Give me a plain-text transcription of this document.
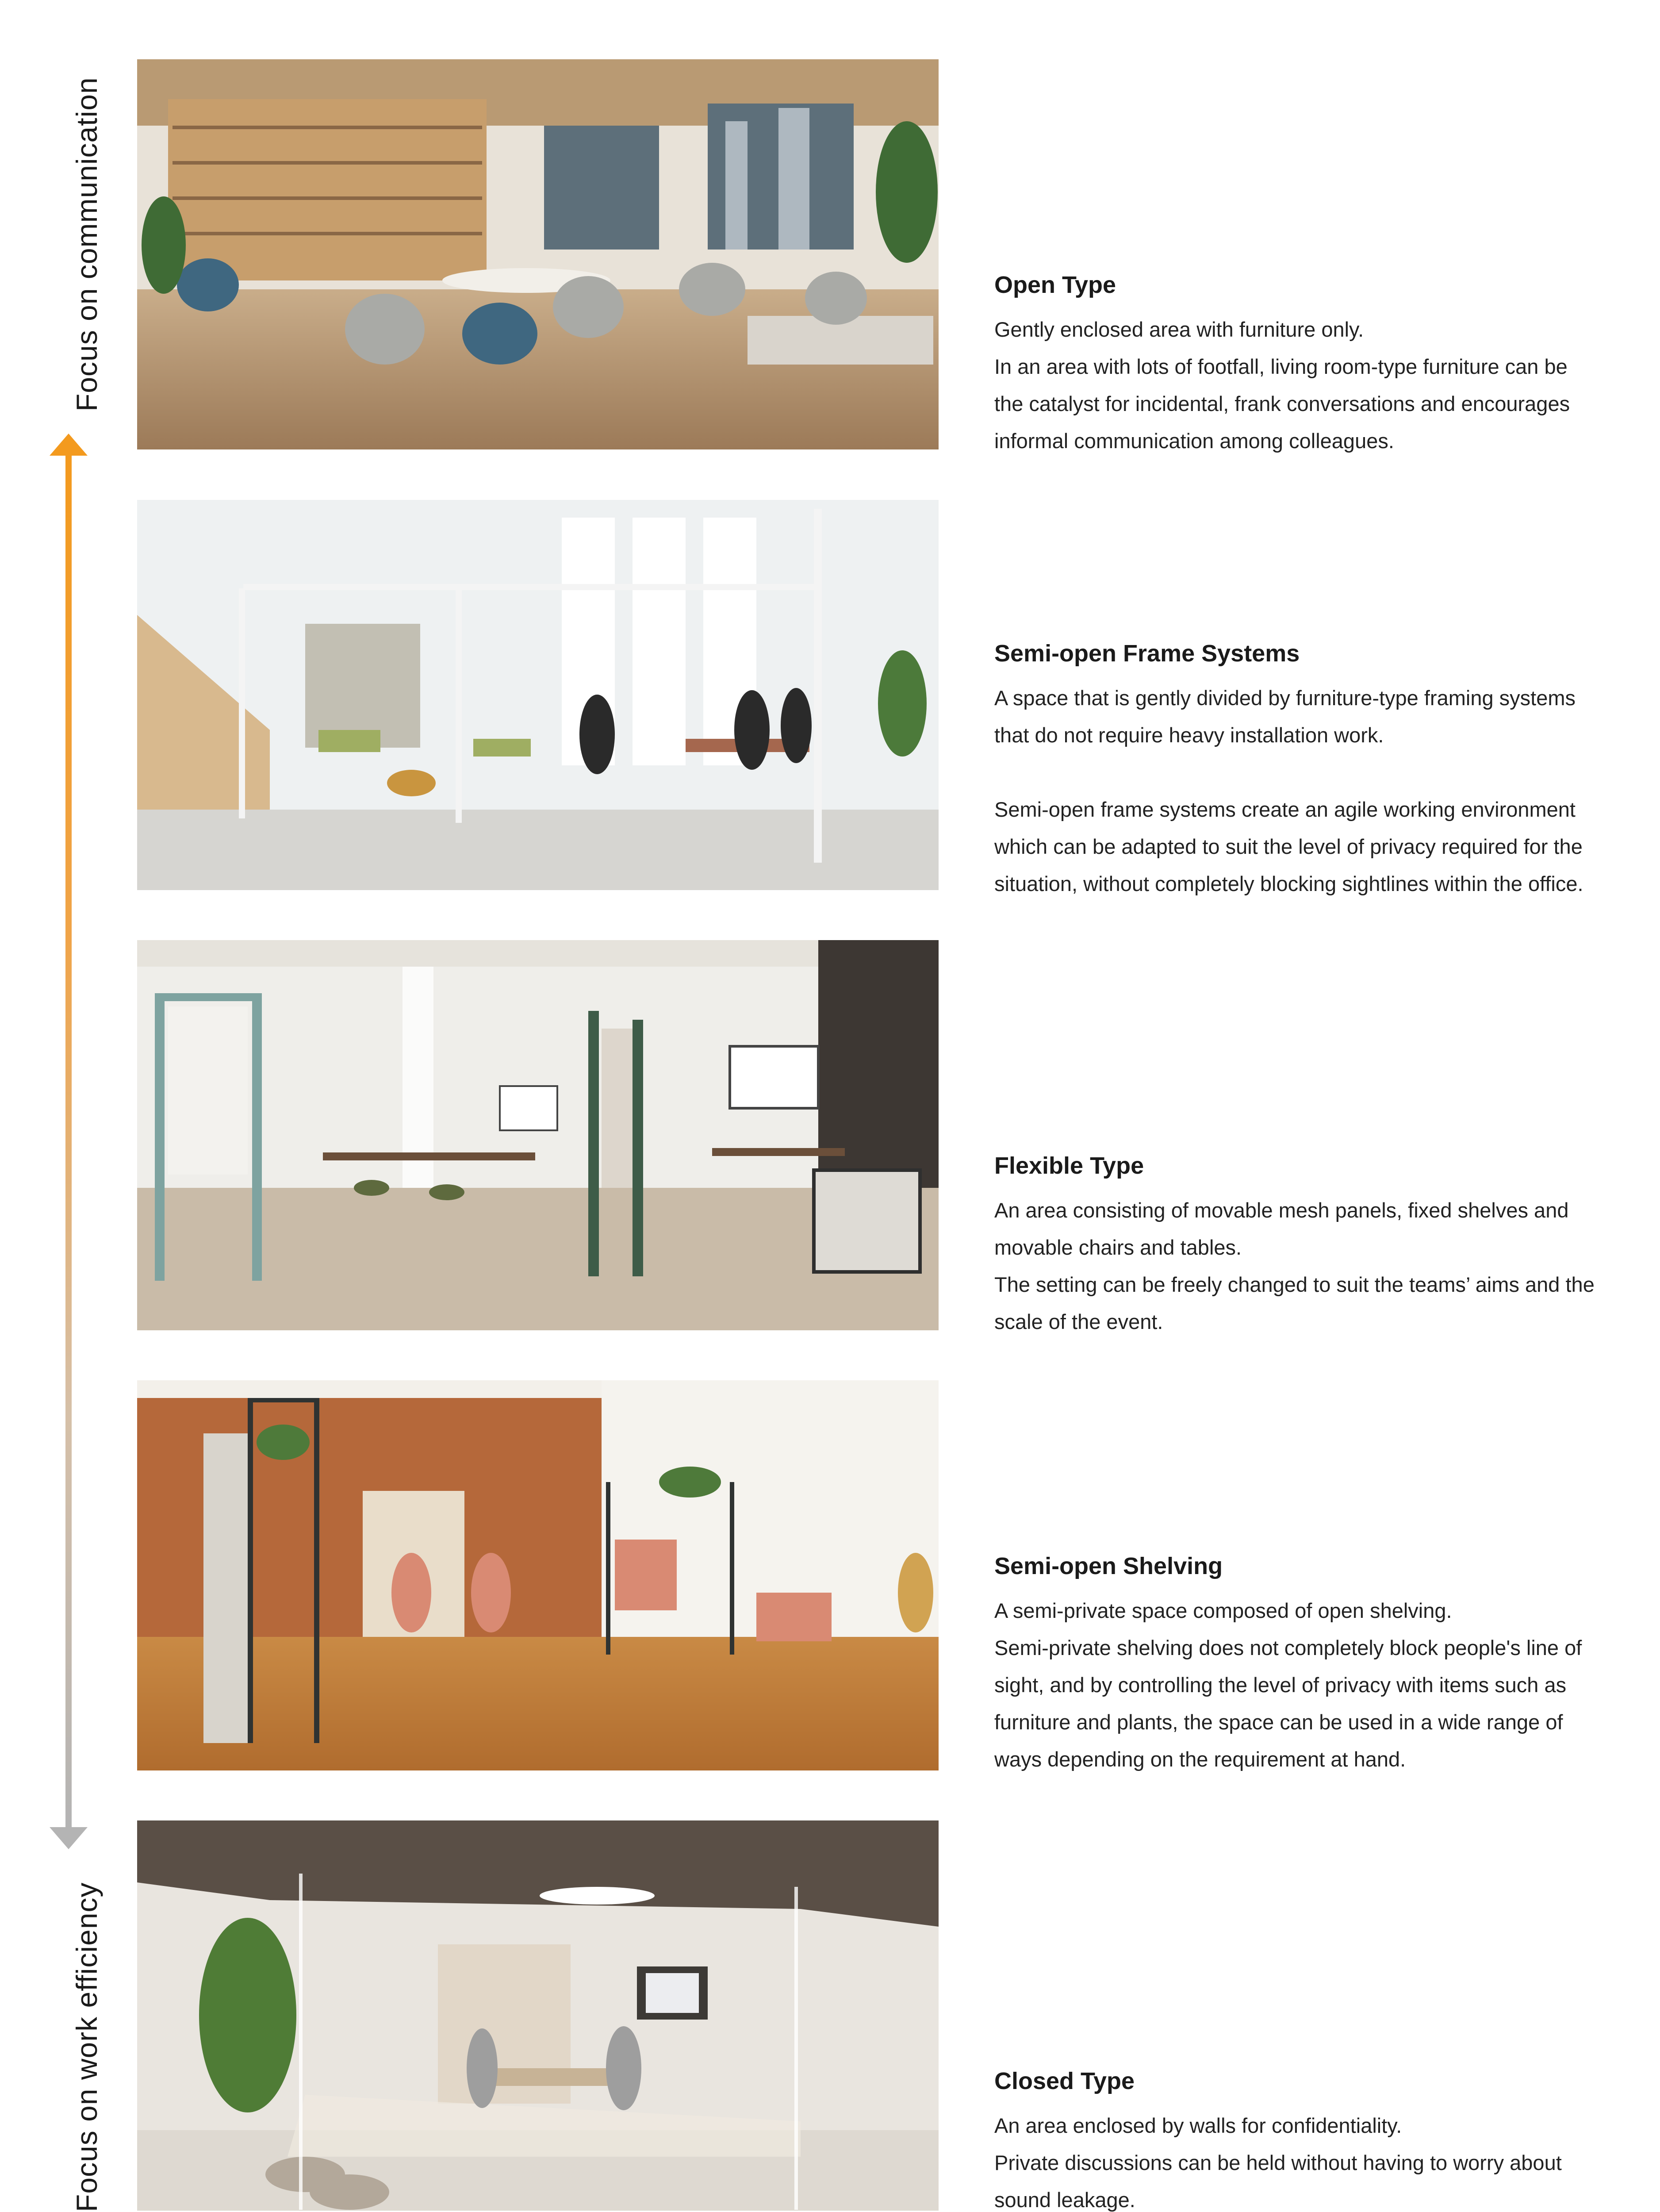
Focus on communication
Focus on work efficiency
Open Type

Gently enclosed area with furniture only.

In an area with lots of footfall, living room-type furniture can be

the catalyst for incidental, frank conversations and encourages

informal communication among colleagues.

Semi-open Frame Systems

A space that is gently divided by furniture-type framing systems

that do not require heavy installation work.

Semi-open frame systems create an agile working environment

which can be adapted to suit the level of privacy required for the

situation, without completely blocking sightlines within the office.

Flexible Type

An area consisting of movable mesh panels, fixed shelves and

movable chairs and tables.

The setting can be freely changed to suit the teams’ aims and the

scale of the event.

Semi-open Shelving

A semi-private space composed of open shelving.

Semi-private shelving does not completely block people's line of

sight, and by controlling the level of privacy with items such as

furniture and plants, the space can be used in a wide range of

ways depending on the requirement at hand.

Closed Type

An area enclosed by walls for confidentiality.

Private discussions can be held without having to worry about

sound leakage.
